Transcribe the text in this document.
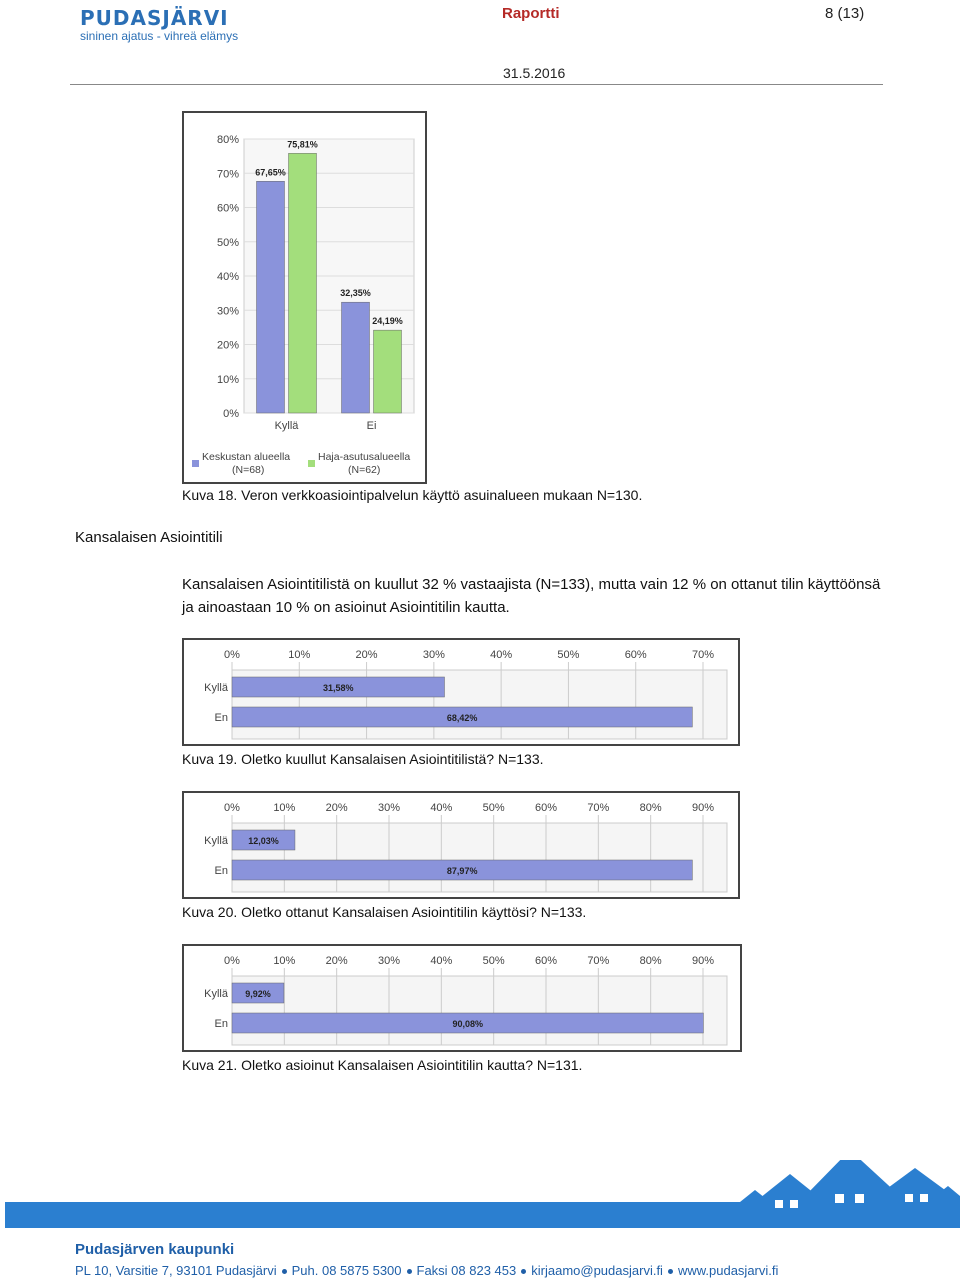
PUDASJÄRVI
sininen ajatus - vihreä elämys
Raportti	8 (13)
31.5.2016
0%
10%
20%
30%
40%
50%
60%
70%
80%
67,65%
75,81%
Kyllä
32,35%
24,19%
Ei
Keskustan alueella
(N=68)
Haja-asutusalueella
(N=62)
Kuva 18. Veron verkkoasiointipalvelun käyttö asuinalueen mukaan N=130.
Kansalaisen Asiointitili
Kansalaisen Asiointitilistä on kuullut 32 % vastaajista (N=133), mutta vain 12 % on ottanut tilin käyttöönsä ja ainoastaan 10 % on asioinut Asiointitilin kautta.
0%	10%	20%	30%	40%	50%	60%	70%
31,58%
Kyllä
68,42%
En
Kuva 19. Oletko kuullut Kansalaisen Asiointitilistä? N=133.
0%	10%	20%	30%	40%	50%	60%	70%	80%	90%
12,03%
Kyllä
87,97%
En
Kuva 20. Oletko ottanut Kansalaisen Asiointitilin käyttösi? N=133.
0%	10%	20%	30%	40%	50%	60%	70%	80%	90%
9,92%
Kyllä
90,08%
En
Kuva 21. Oletko asioinut Kansalaisen Asiointitilin kautta? N=131.
Pudasjärven kaupunki
PL 10, Varsitie 7, 93101 Pudasjärvi Puh. 08 5875 5300 Faksi 08 823 453 kirjaamo@pudasjarvi.fi www.pudasjarvi.fi
